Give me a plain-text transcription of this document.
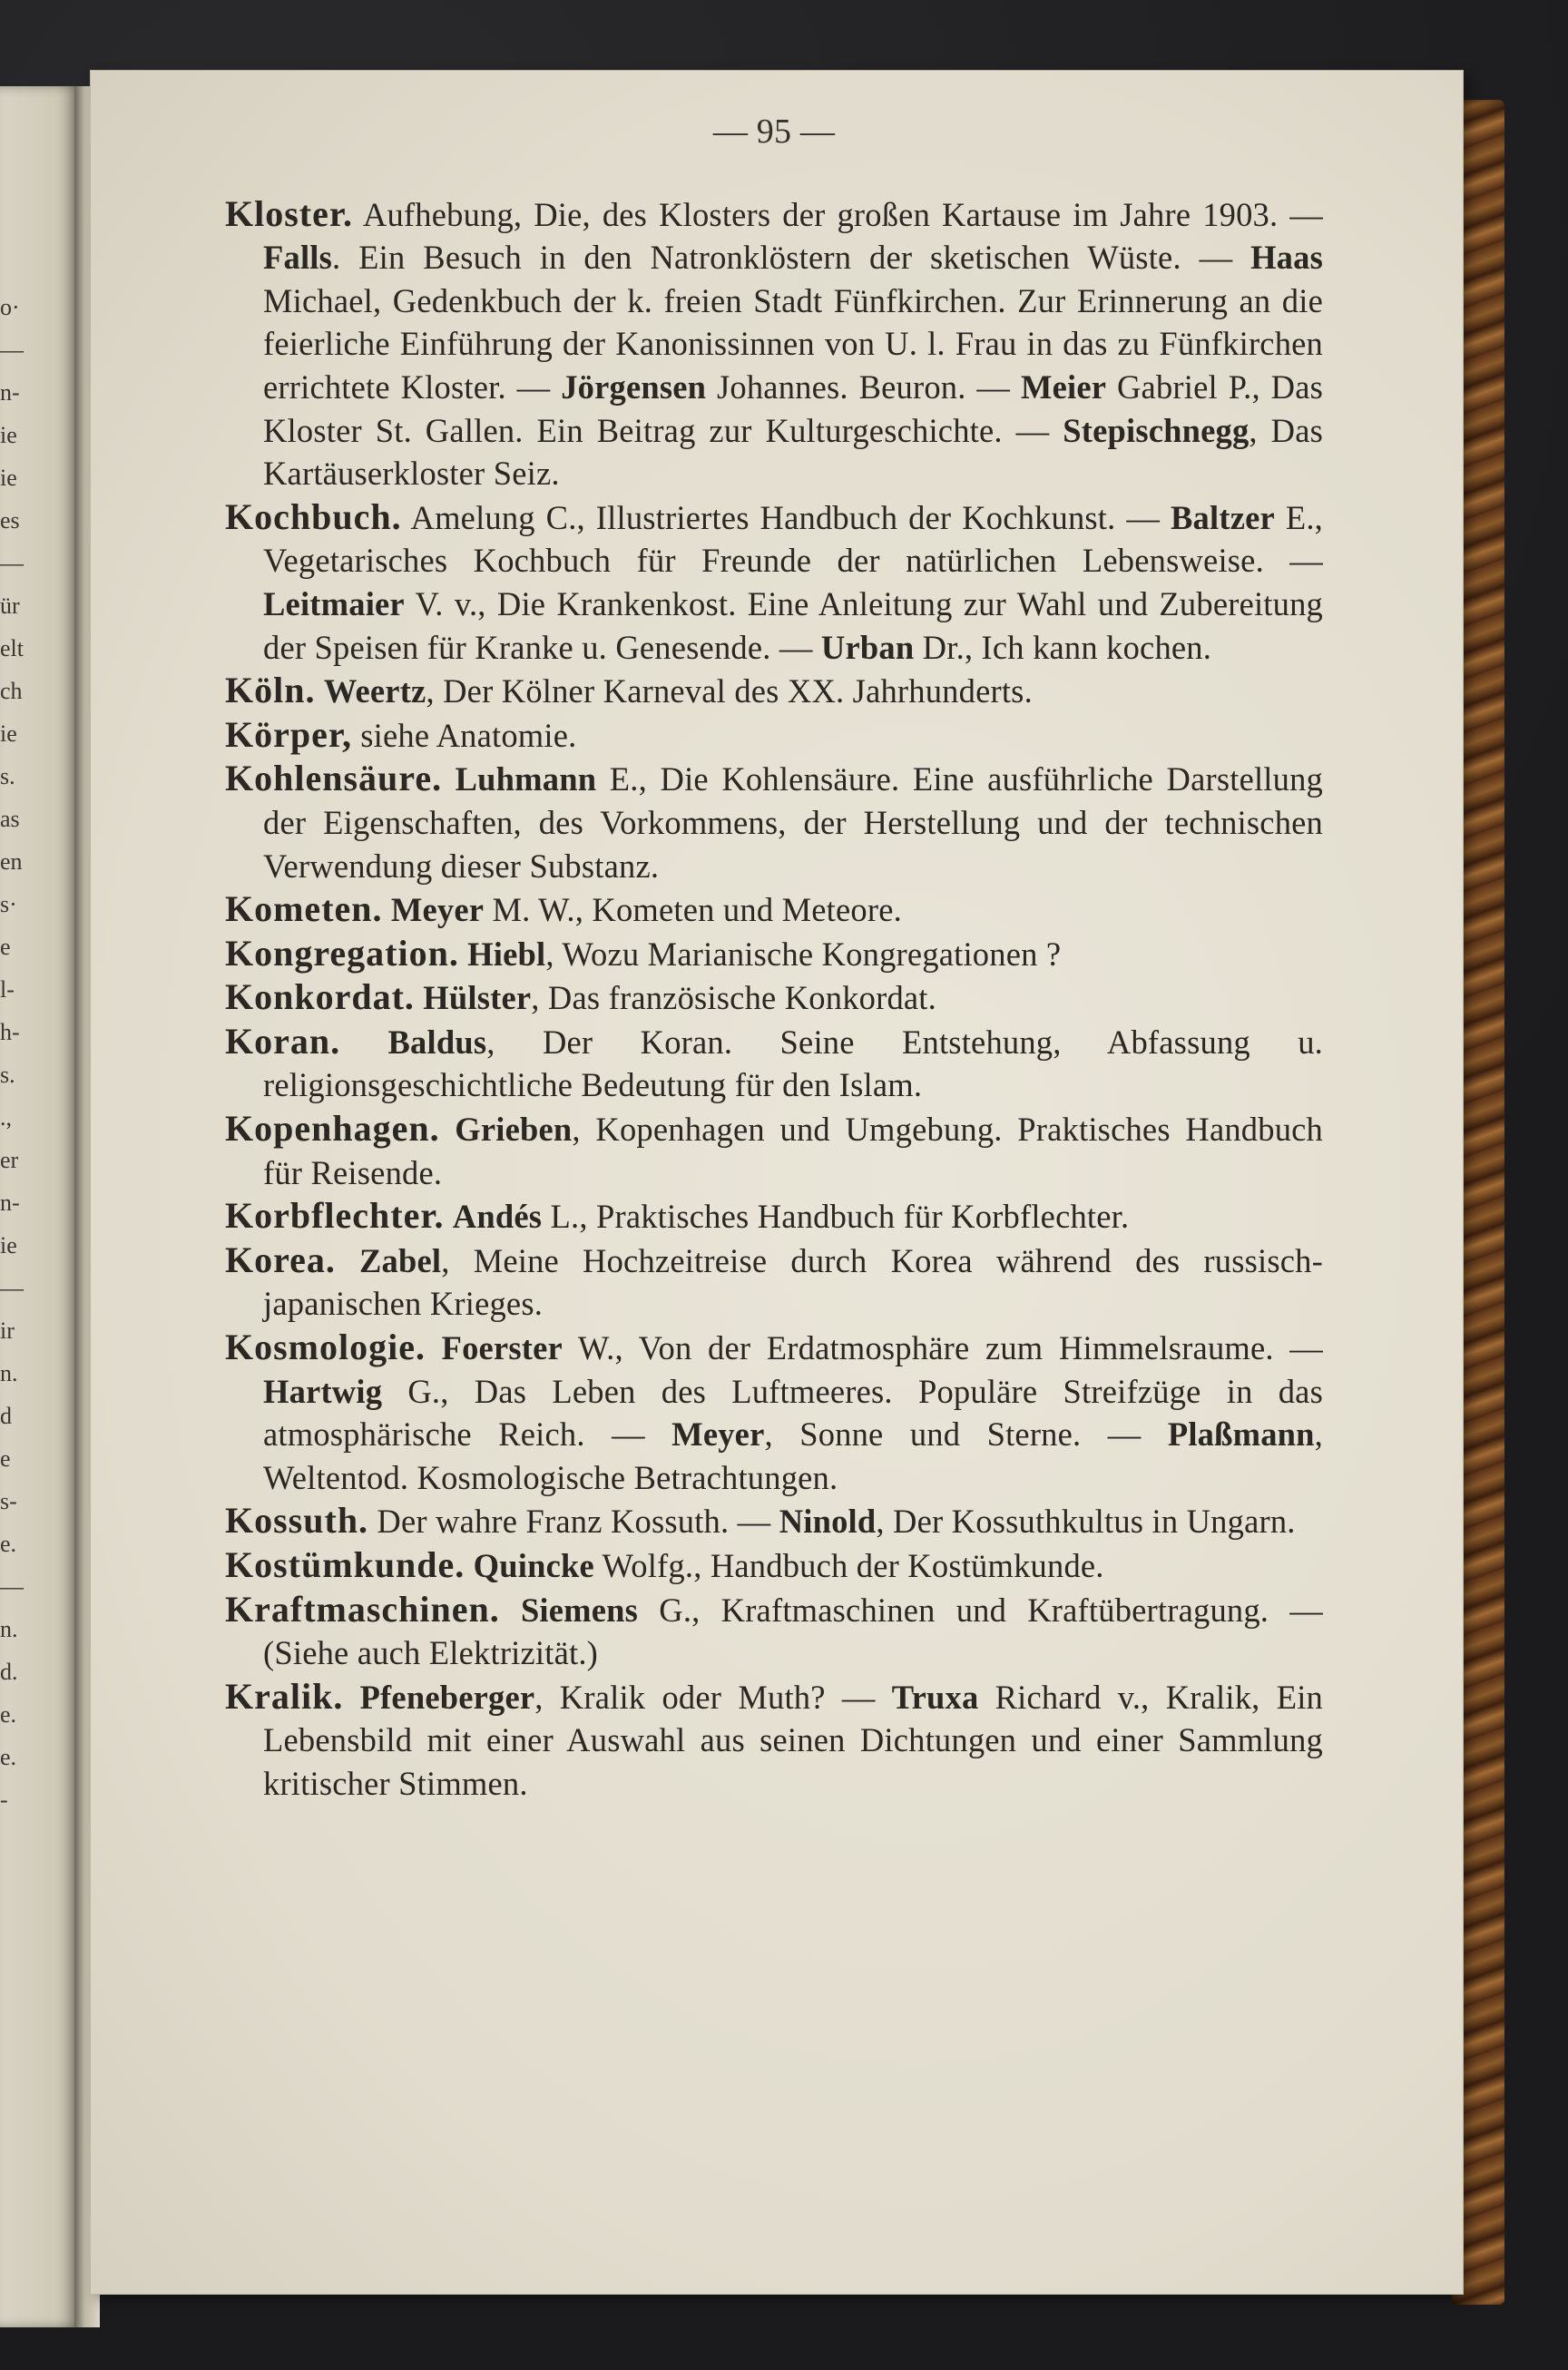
o·
—
n-
ie
ie
es
—
ür
elt
ch
ie
s.
as
en
s·
e
l-
h-
s.
.,
er
n-
ie
—
ir
n.
d
e
s-
e.
—
n.
d.
e.
e.
-
— 95 —

Kloster. Aufhebung, Die, des Klosters der großen Kartause im Jahre 1903. — Falls. Ein Besuch in den Natronklöstern der sketischen Wüste. — Haas Michael, Gedenkbuch der k. freien Stadt Fünfkirchen. Zur Erinnerung an die feierliche Einführung der Kanonissinnen von U. l. Frau in das zu Fünfkirchen errichtete Kloster. — Jörgensen Johannes. Beuron. — Meier Gabriel P., Das Kloster St. Gallen. Ein Beitrag zur Kulturgeschichte. — Stepischnegg, Das Kartäuserkloster Seiz.

Kochbuch. Amelung C., Illustriertes Handbuch der Kochkunst. — Baltzer E., Vegetarisches Kochbuch für Freunde der natürlichen Lebensweise. — Leitmaier V. v., Die Krankenkost. Eine Anleitung zur Wahl und Zubereitung der Speisen für Kranke u. Genesende. — Urban Dr., Ich kann kochen.

Köln. Weertz, Der Kölner Karneval des XX. Jahrhunderts.

Körper, siehe Anatomie.

Kohlensäure. Luhmann E., Die Kohlensäure. Eine ausführliche Darstellung der Eigenschaften, des Vorkommens, der Herstellung und der technischen Verwendung dieser Substanz.

Kometen. Meyer M. W., Kometen und Meteore.

Kongregation. Hiebl, Wozu Marianische Kongregationen ?

Konkordat. Hülster, Das französische Konkordat.

Koran. Baldus, Der Koran. Seine Entstehung, Abfassung u. religionsgeschichtliche Bedeutung für den Islam.

Kopenhagen. Grieben, Kopenhagen und Umgebung. Praktisches Handbuch für Reisende.

Korbflechter. Andés L., Praktisches Handbuch für Korbflechter.

Korea. Zabel, Meine Hochzeitreise durch Korea während des russisch-japanischen Krieges.

Kosmologie. Foerster W., Von der Erdatmosphäre zum Himmelsraume. — Hartwig G., Das Leben des Luftmeeres. Populäre Streifzüge in das atmosphärische Reich. — Meyer, Sonne und Sterne. — Plaßmann, Weltentod. Kosmologische Betrachtungen.

Kossuth. Der wahre Franz Kossuth. — Ninold, Der Kossuthkultus in Ungarn.

Kostümkunde. Quincke Wolfg., Handbuch der Kostümkunde.

Kraftmaschinen. Siemens G., Kraftmaschinen und Kraftübertragung. — (Siehe auch Elektrizität.)

Kralik. Pfeneberger, Kralik oder Muth? — Truxa Richard v., Kralik, Ein Lebensbild mit einer Auswahl aus seinen Dichtungen und einer Sammlung kritischer Stimmen.
